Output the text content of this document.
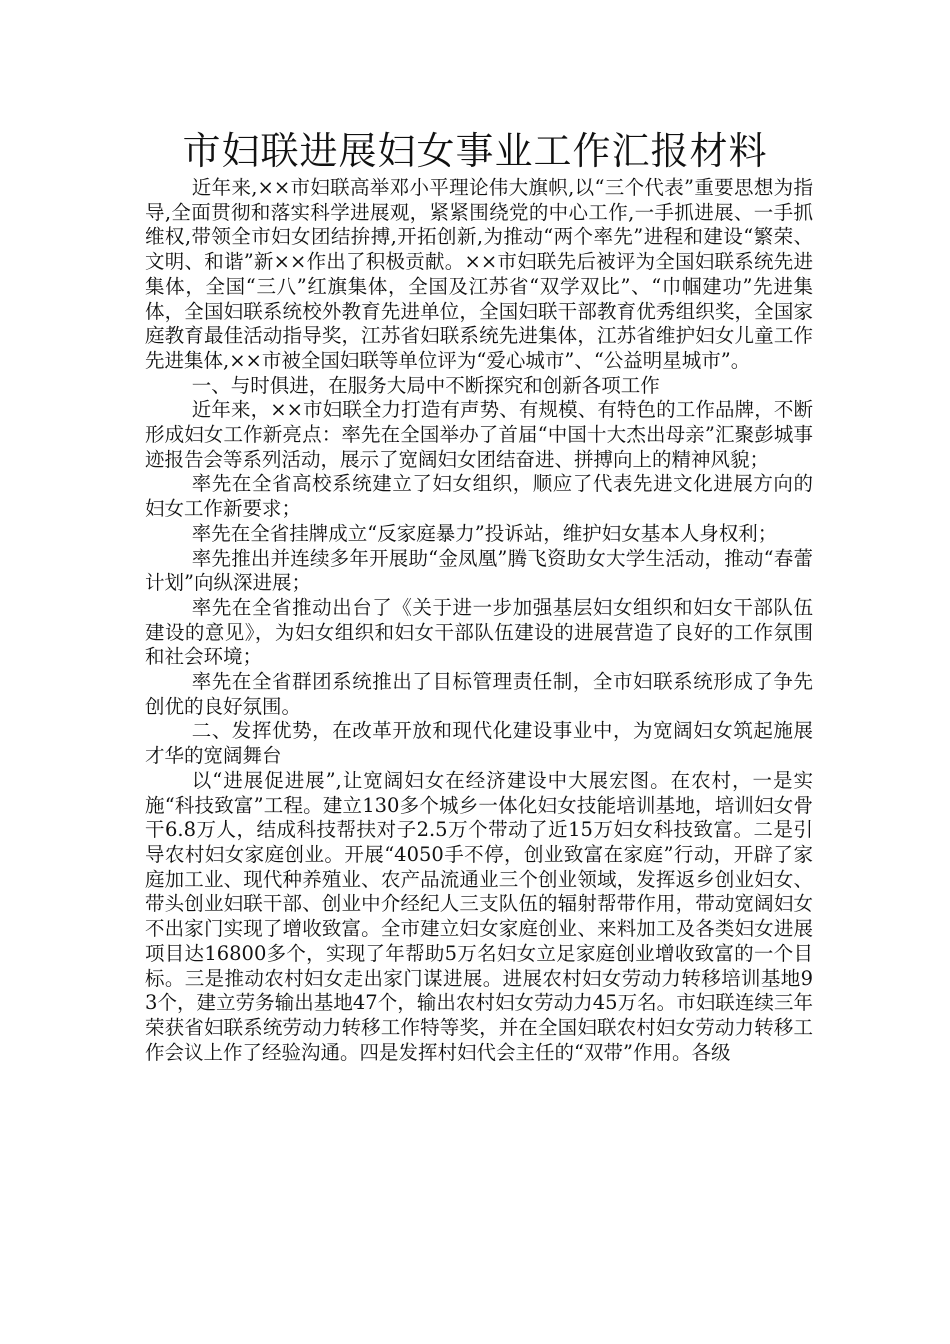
市妇联进展妇女事业工作汇报材料

近年来,××市妇联高举邓小平理论伟大旗帜,以“三个代表”重要思想为指导,全面贯彻和落实科学进展观，紧紧围绕党的中心工作,一手抓进展、一手抓维权,带领全市妇女团结拚搏,开拓创新,为推动“两个率先”进程和建设“繁荣、文明、和谐”新××作出了积极贡献。××市妇联先后被评为全国妇联系统先进集体，全国“三八”红旗集体，全国及江苏省“双学双比”、“巾帼建功”先进集体，全国妇联系统校外教育先进单位，全国妇联干部教育优秀组织奖，全国家庭教育最佳活动指导奖，江苏省妇联系统先进集体，江苏省维护妇女儿童工作先进集体,××市被全国妇联等单位评为“爱心城市”、“公益明星城市”。

一、与时俱进，在服务大局中不断探究和创新各项工作

近年来，××市妇联全力打造有声势、有规模、有特色的工作品牌，不断形成妇女工作新亮点：率先在全国举办了首届“中国十大杰出母亲”汇聚彭城事迹报告会等系列活动，展示了宽阔妇女团结奋进、拼搏向上的精神风貌；

率先在全省高校系统建立了妇女组织，顺应了代表先进文化进展方向的妇女工作新要求；

率先在全省挂牌成立“反家庭暴力”投诉站，维护妇女基本人身权利；

率先推出并连续多年开展助“金凤凰”腾飞资助女大学生活动，推动“春蕾计划”向纵深进展；

率先在全省推动出台了《关于进一步加强基层妇女组织和妇女干部队伍建设的意见》，为妇女组织和妇女干部队伍建设的进展营造了良好的工作氛围和社会环境；

率先在全省群团系统推出了目标管理责任制，全市妇联系统形成了争先创优的良好氛围。

二、发挥优势，在改革开放和现代化建设事业中，为宽阔妇女筑起施展才华的宽阔舞台

以“进展促进展”,让宽阔妇女在经济建设中大展宏图。在农村，一是实施“科技致富”工程。建立130多个城乡一体化妇女技能培训基地，培训妇女骨干6.8万人，结成科技帮扶对子2.5万个带动了近15万妇女科技致富。二是引导农村妇女家庭创业。开展“4050手不停，创业致富在家庭”行动，开辟了家庭加工业、现代种养殖业、农产品流通业三个创业领域，发挥返乡创业妇女、带头创业妇联干部、创业中介经纪人三支队伍的辐射帮带作用，带动宽阔妇女不出家门实现了增收致富。全市建立妇女家庭创业、来料加工及各类妇女进展项目达16800多个，实现了年帮助5万名妇女立足家庭创业增收致富的一个目标。三是推动农村妇女走出家门谋进展。进展农村妇女劳动力转移培训基地93个，建立劳务输出基地47个，输出农村妇女劳动力45万名。市妇联连续三年荣获省妇联系统劳动力转移工作特等奖，并在全国妇联农村妇女劳动力转移工作会议上作了经验沟通。四是发挥村妇代会主任的“双带”作用。各级
